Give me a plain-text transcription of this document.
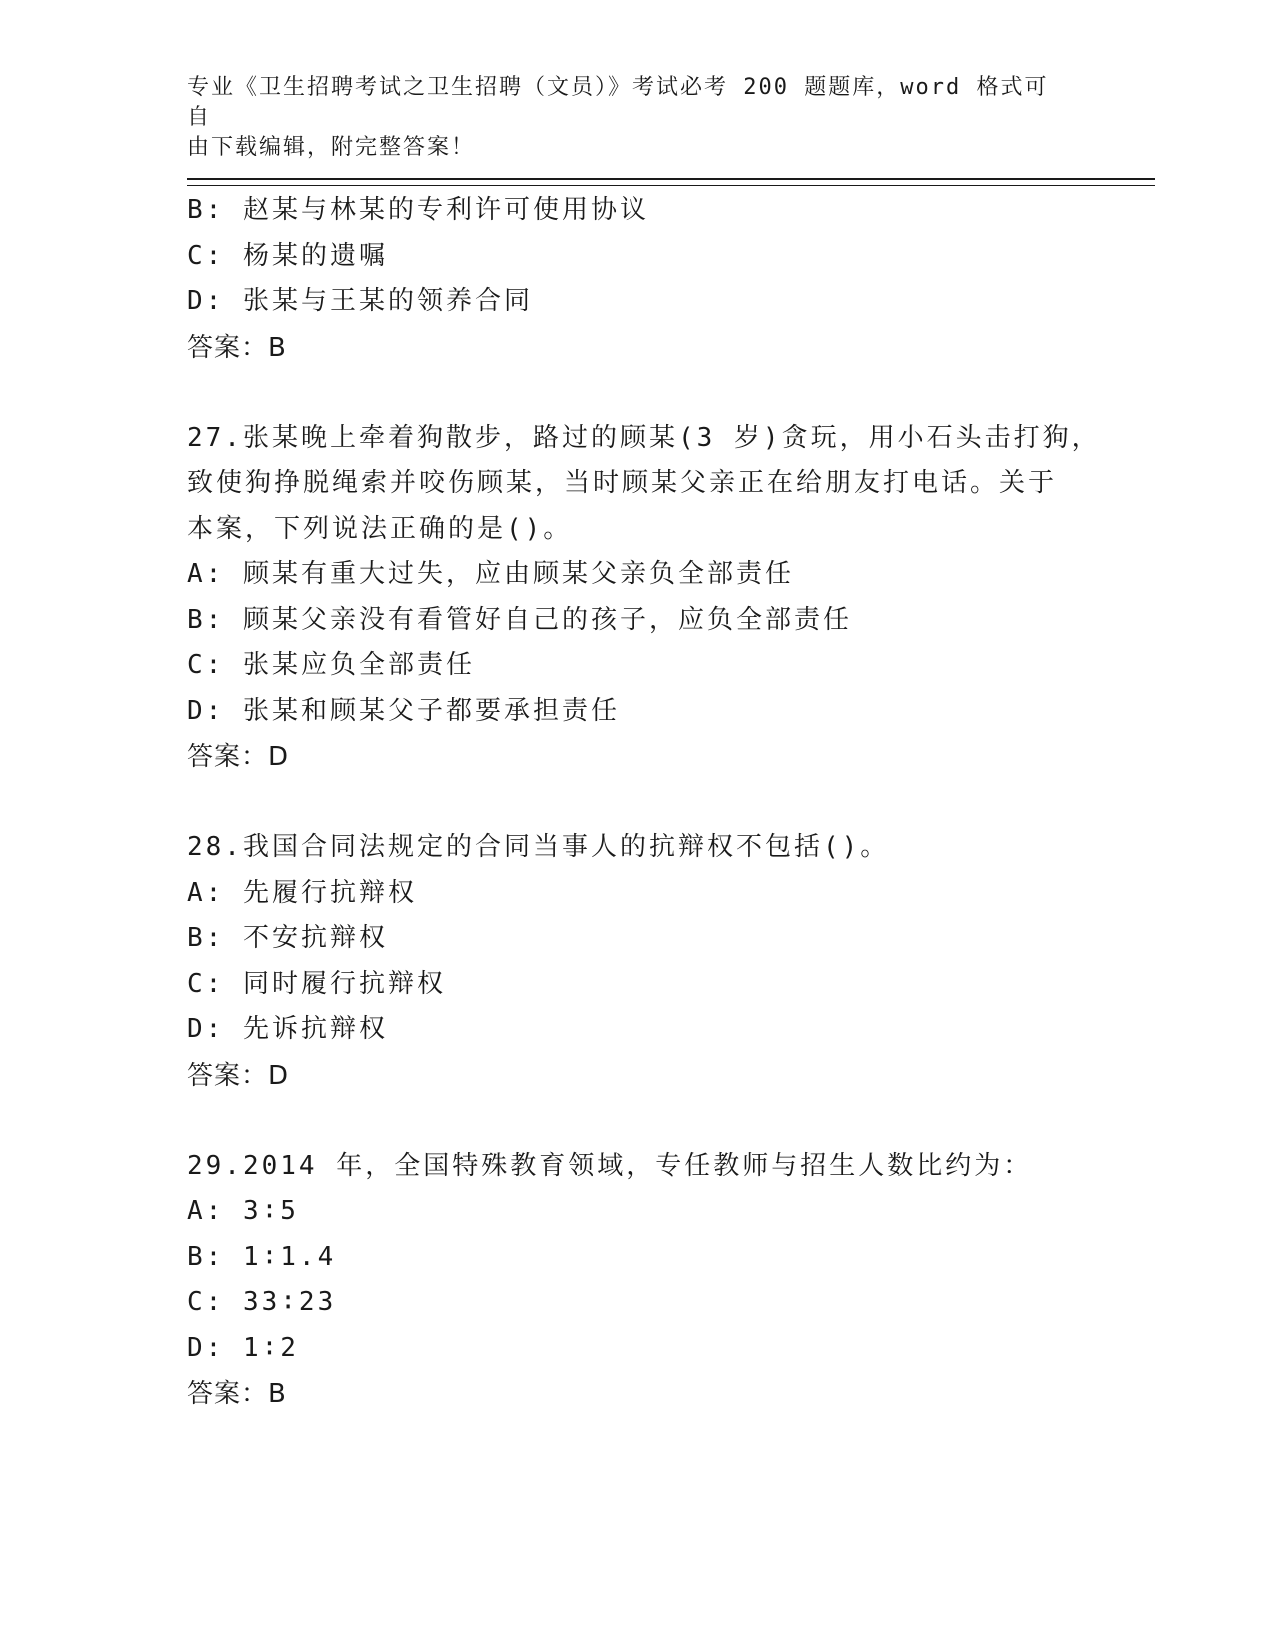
专业《卫生招聘考试之卫生招聘（文员）》考试必考 200 题题库，word 格式可自
由下载编辑，附完整答案！
B: 赵某与林某的专利许可使用协议
C: 杨某的遗嘱
D: 张某与王某的领养合同
答案：B
27.张某晚上牵着狗散步，路过的顾某(3 岁)贪玩，用小石头击打狗，
致使狗挣脱绳索并咬伤顾某，当时顾某父亲正在给朋友打电话。关于
本案，下列说法正确的是()。
A: 顾某有重大过失，应由顾某父亲负全部责任
B: 顾某父亲没有看管好自己的孩子，应负全部责任
C: 张某应负全部责任
D: 张某和顾某父子都要承担责任
答案：D
28.我国合同法规定的合同当事人的抗辩权不包括()。
A: 先履行抗辩权
B: 不安抗辩权
C: 同时履行抗辩权
D: 先诉抗辩权
答案：D
29.2014 年，全国特殊教育领域，专任教师与招生人数比约为：
A: 3∶5
B: 1∶1.4
C: 33∶23
D: 1∶2
答案：B
